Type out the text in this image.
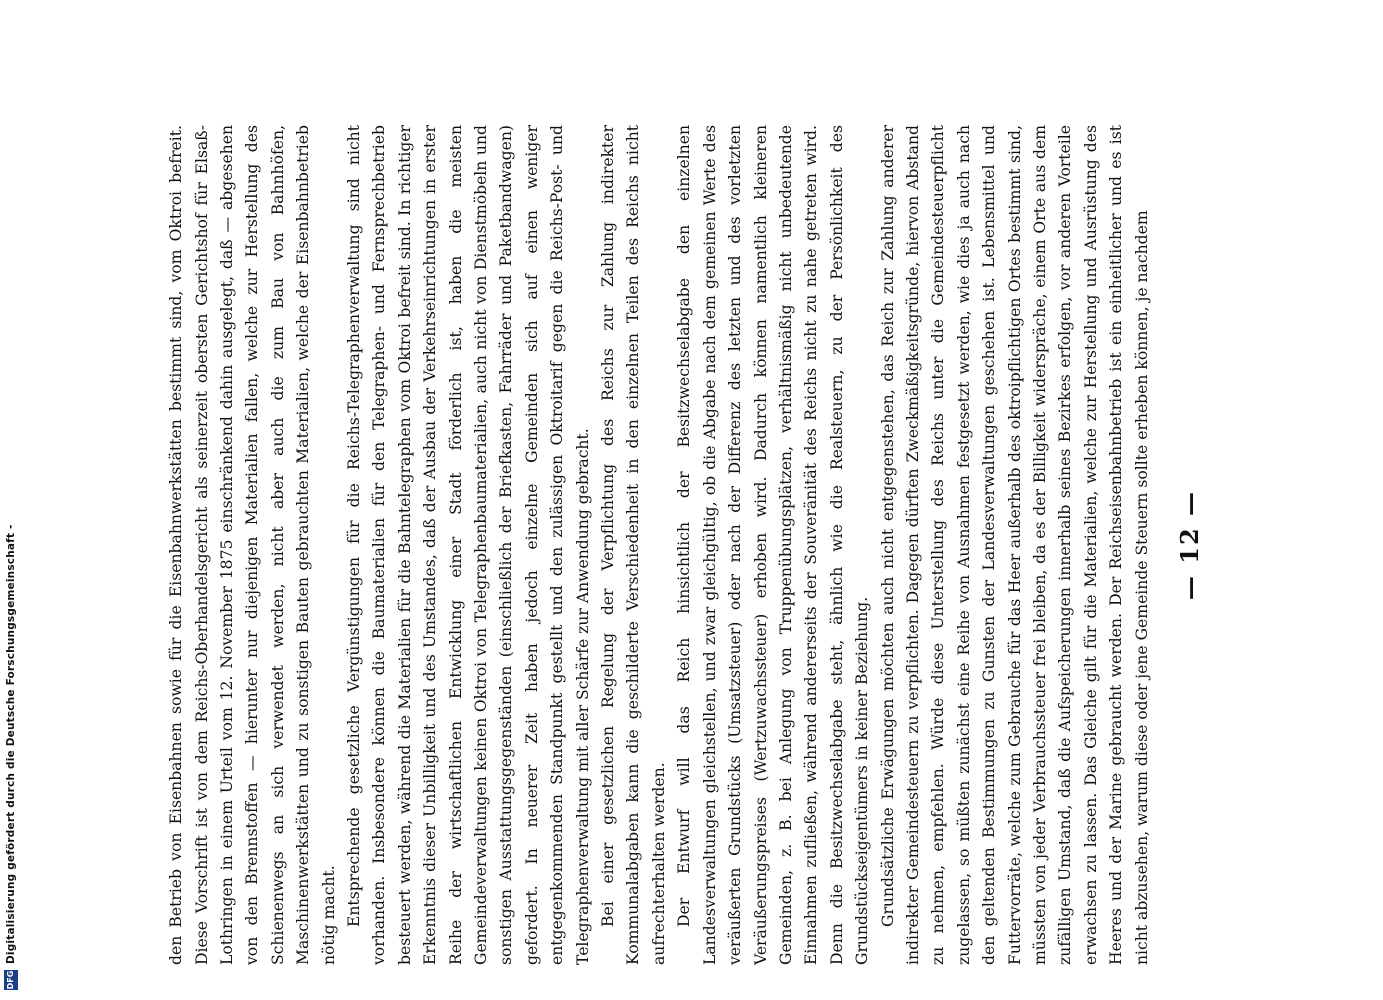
DFG
Digitalisierung gefördert durch die Deutsche Forschungsgemeinschaft -	den Betrieb von Eisenbahnen sowie für die Eisenbahnwerkstätten bestimmt sind, vom Oktroi befreit. Diese Vorschrift ist von dem Reichs-Oberhandelsgericht als seinerzeit obersten Gerichtshof für Elsaß-Lothringen in einem Urteil vom 12. November 1875 einschränkend dahin ausgelegt, daß — abgesehen von den Brennstoffen — hierunter nur diejenigen Materialien fallen, welche zur Herstellung des Schienenwegs an sich verwendet werden, nicht aber auch die zum Bau von Bahnhöfen, Maschinenwerkstätten und zu sonstigen Bauten gebrauchten Materialien, welche der Eisenbahnbetrieb nötig macht. Entsprechende gesetzliche Vergünstigungen für die Reichs-Telegraphenverwaltung sind nicht vorhanden. Insbesondere können die Baumaterialien für den Telegraphen- und Fernsprechbetrieb besteuert werden, während die Materialien für die Bahntelegraphen vom Oktroi befreit sind. In richtiger Erkenntnis dieser Unbilligkeit und des Umstandes, daß der Ausbau der Verkehrseinrichtungen in erster Reihe der wirtschaftlichen Entwicklung einer Stadt förderlich ist, haben die meisten Gemeindeverwaltungen keinen Oktroi von Telegraphenbaumaterialien, auch nicht von Dienstmöbeln und sonstigen Ausstattungsgegenständen (einschließlich der Briefkasten, Fahrräder und Paketbandwagen) gefordert. In neuerer Zeit haben jedoch einzelne Gemeinden sich auf einen weniger entgegenkommenden Standpunkt gestellt und den zulässigen Oktroitarif gegen die Reichs-Post- und Telegraphenverwaltung mit aller Schärfe zur Anwendung gebracht. Bei einer gesetzlichen Regelung der Verpflichtung des Reichs zur Zahlung indirekter Kommunalabgaben kann die geschilderte Verschiedenheit in den einzelnen Teilen des Reichs nicht aufrechterhalten werden. Der Entwurf will das Reich hinsichtlich der Besitzwechselabgabe den einzelnen Landesverwaltungen gleichstellen, und zwar gleichgültig, ob die Abgabe nach dem gemeinen Werte des veräußerten Grundstücks (Umsatzsteuer) oder nach der Differenz des letzten und des vorletzten Veräußerungspreises (Wertzuwachssteuer) erhoben wird. Dadurch können namentlich kleineren Gemeinden, z. B. bei Anlegung von Truppenübungsplätzen, verhältnismäßig nicht unbedeutende Einnahmen zufließen, während andererseits der Souveränität des Reichs nicht zu nahe getreten wird. Denn die Besitzwechselabgabe steht, ähnlich wie die Realsteuern, zu der Persönlichkeit des Grundstückseigentümers in keiner Beziehung. Grundsätzliche Erwägungen möchten auch nicht entgegenstehen, das Reich zur Zahlung anderer indirekter Gemeindesteuern zu verpflichten. Dagegen dürften Zweckmäßigkeitsgründe, hiervon Abstand zu nehmen, empfehlen. Würde diese Unterstellung des Reichs unter die Gemeindesteuerpflicht zugelassen, so müßten zunächst eine Reihe von Ausnahmen festgesetzt werden, wie dies ja auch nach den geltenden Bestimmungen zu Gunsten der Landesverwaltungen geschehen ist. Lebensmittel und Futtervorräte, welche zum Gebrauche für das Heer außerhalb des oktroipflichtigen Ortes bestimmt sind, müssten von jeder Verbrauchssteuer frei bleiben, da es der Billigkeit widerspräche, einem Orte aus dem zufälligen Umstand, daß die Aufspeicherungen innerhalb seines Bezirkes erfolgen, vor anderen Vorteile erwachsen zu lassen. Das Gleiche gilt für die Materialien, welche zur Herstellung und Ausrüstung des Heeres und der Marine gebraucht werden. Der Reichseisenbahnbetrieb ist ein einheitlicher und es ist nicht abzusehen, warum diese oder jene Gemeinde Steuern sollte erheben können, je nachdem — 12 —
